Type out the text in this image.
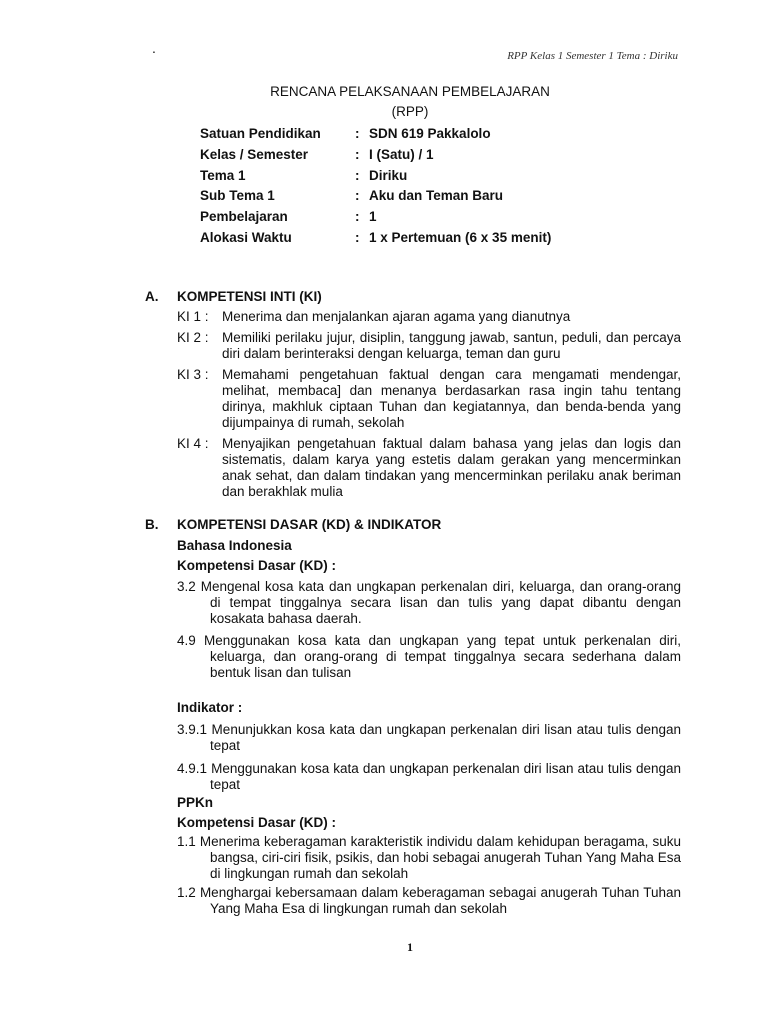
.	RPP Kelas 1 Semester 1 Tema : Diriku
RENCANA PELAKSANAAN PEMBELAJARAN
(RPP)
Satuan Pendidikan	: SDN 619 Pakkalolo
Kelas / Semester	: I (Satu) / 1
Tema 1	: Diriku
Sub Tema 1	: Aku dan Teman Baru
Pembelajaran	: 1
Alokasi Waktu	: 1 x Pertemuan (6 x 35 menit)
A. KOMPETENSI INTI (KI)
KI 1 : Menerima dan menjalankan ajaran agama yang dianutnya
KI 2 : Memiliki perilaku jujur, disiplin, tanggung jawab, santun, peduli, dan percaya diri dalam berinteraksi dengan keluarga, teman dan guru
KI 3 : Memahami pengetahuan faktual dengan cara mengamati mendengar, melihat, membaca] dan menanya berdasarkan rasa ingin tahu tentang dirinya, makhluk ciptaan Tuhan dan kegiatannya, dan benda-benda yang dijumpainya di rumah, sekolah
KI 4 : Menyajikan pengetahuan faktual dalam bahasa yang jelas dan logis dan sistematis, dalam karya yang estetis dalam gerakan yang mencerminkan anak sehat, dan dalam tindakan yang mencerminkan perilaku anak beriman dan berakhlak mulia
B. KOMPETENSI DASAR (KD) & INDIKATOR
Bahasa Indonesia
Kompetensi Dasar (KD) :
3.2 Mengenal kosa kata dan ungkapan perkenalan diri, keluarga, dan orang-orang di tempat tinggalnya secara lisan dan tulis yang dapat dibantu dengan kosakata bahasa daerah.
4.9 Menggunakan kosa kata dan ungkapan yang tepat untuk perkenalan diri, keluarga, dan orang-orang di tempat tinggalnya secara sederhana dalam bentuk lisan dan tulisan
Indikator :
3.9.1 Menunjukkan kosa kata dan ungkapan perkenalan diri lisan atau tulis dengan tepat
4.9.1 Menggunakan kosa kata dan ungkapan perkenalan diri lisan atau tulis dengan tepat
PPKn
Kompetensi Dasar (KD) :
1.1 Menerima keberagaman karakteristik individu dalam kehidupan beragama, suku bangsa, ciri-ciri fisik, psikis, dan hobi sebagai anugerah Tuhan Yang Maha Esa di lingkungan rumah dan sekolah
1.2 Menghargai kebersamaan dalam keberagaman sebagai anugerah Tuhan Tuhan Yang Maha Esa di lingkungan rumah dan sekolah
1
